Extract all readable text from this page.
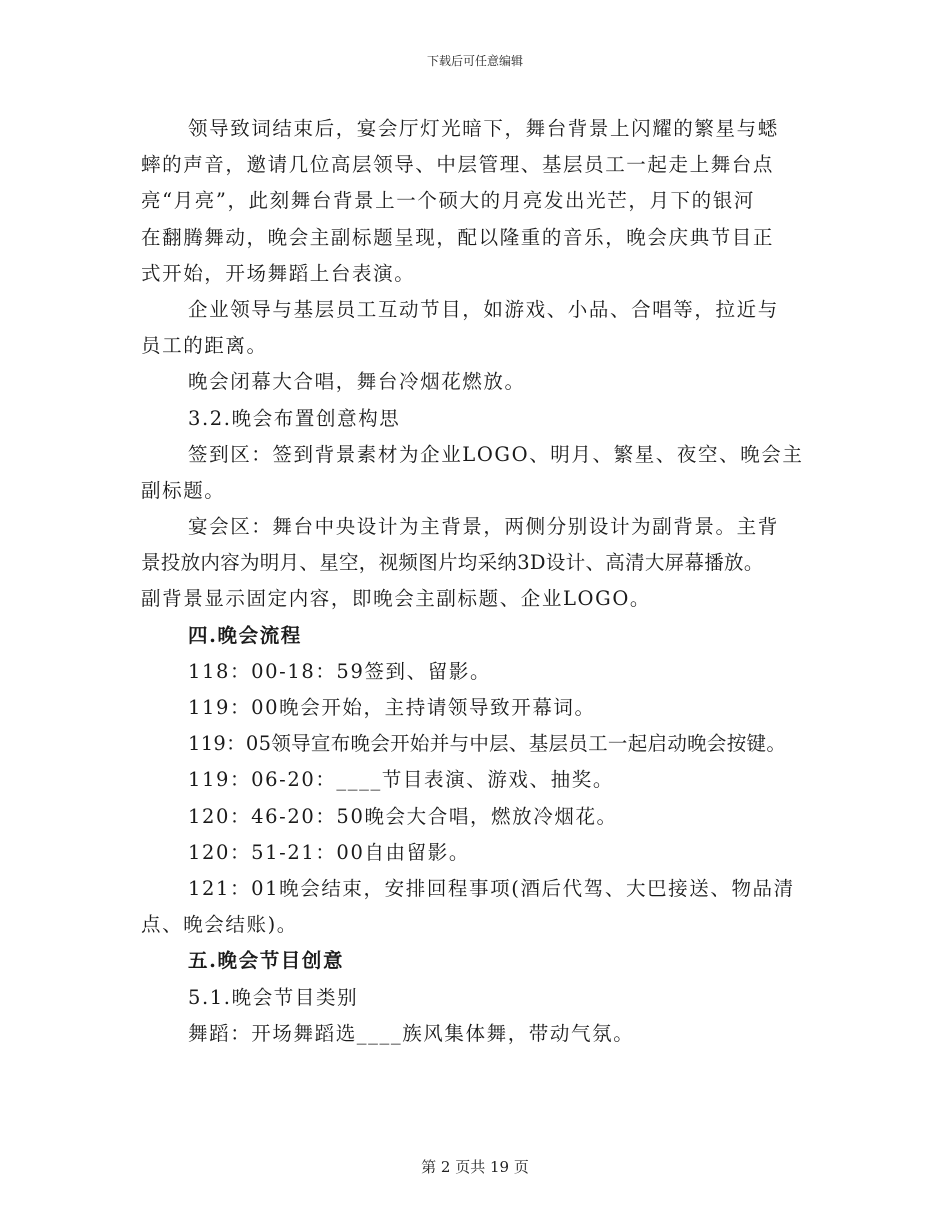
下载后可任意编辑
领导致词结束后，宴会厅灯光暗下，舞台背景上闪耀的繁星与蟋
蟀的声音，邀请几位高层领导、中层管理、基层员工一起走上舞台点
亮“月亮”，此刻舞台背景上一个硕大的月亮发出光芒，月下的银河
在翻腾舞动，晚会主副标题呈现，配以隆重的音乐，晚会庆典节目正
式开始，开场舞蹈上台表演。
企业领导与基层员工互动节目，如游戏、小品、合唱等，拉近与
员工的距离。
晚会闭幕大合唱，舞台冷烟花燃放。
3.2.晚会布置创意构思
签到区：签到背景素材为企业LOGO、明月、繁星、夜空、晚会主
副标题。
宴会区：舞台中央设计为主背景，两侧分别设计为副背景。主背
景投放内容为明月、星空，视频图片均采纳3D设计、高清大屏幕播放。
副背景显示固定内容，即晚会主副标题、企业LOGO。
四.晚会流程
118：00-18：59签到、留影。
119：00晚会开始，主持请领导致开幕词。
119：05领导宣布晚会开始并与中层、基层员工一起启动晚会按键。
119：06-20：____节目表演、游戏、抽奖。
120：46-20：50晚会大合唱，燃放冷烟花。
120：51-21：00自由留影。
121：01晚会结束，安排回程事项(酒后代驾、大巴接送、物品清
点、晚会结账)。
五.晚会节目创意
5.1.晚会节目类别
舞蹈：开场舞蹈选____族风集体舞，带动气氛。
第 2 页共 19 页
